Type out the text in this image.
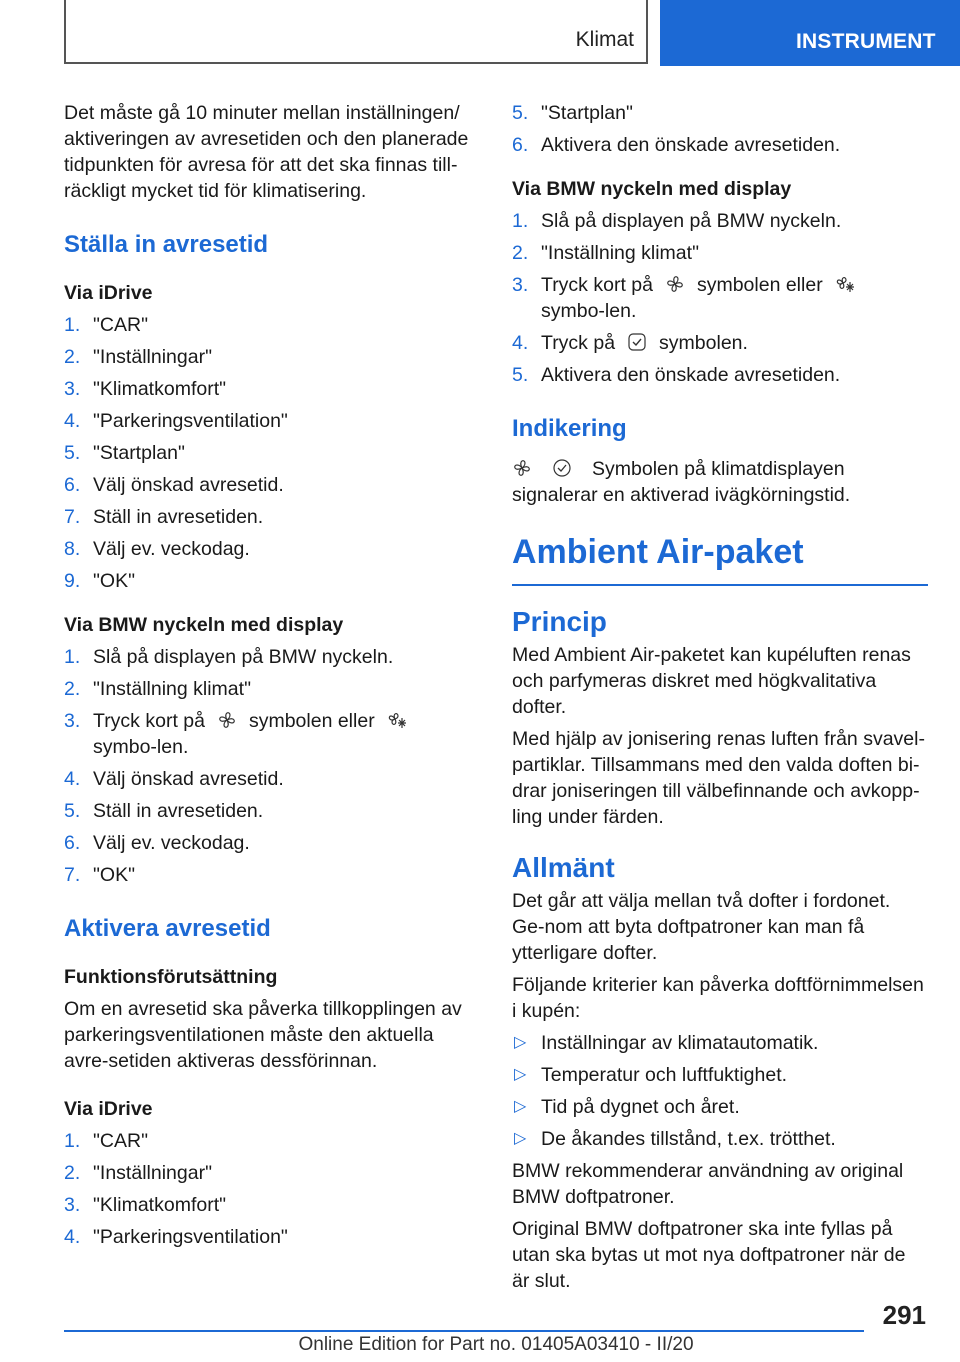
Klimat	INSTRUMENT

Det måste gå 10 minuter mellan inställningen/ aktiveringen av avresetiden och den planerade tidpunkten för avresa för att det ska finnas till-räckligt mycket tid för klimatisering.

Ställa in avresetid
Via iDrive
1. "CAR"
2. "Inställningar"
3. "Klimatkomfort"
4. "Parkeringsventilation"
5. "Startplan"
6. Välj önskad avresetid.
7. Ställ in avresetiden.
8. Välj ev. veckodag.
9. "OK"
Via BMW nyckeln med display
1. Slå på displayen på BMW nyckeln.
2. "Inställning klimat"
3. Tryck kort på symbolen ellersymbo-len.
4. Välj önskad avresetid.
5. Ställ in avresetiden.
6. Välj ev. veckodag.
7. "OK"
Aktivera avresetid
Funktionsförutsättning

Om en avresetid ska påverka tillkopplingen av parkeringsventilationen måste den aktuella avre-setiden aktiveras dessförinnan.

Via iDrive
1. "CAR"
2. "Inställningar"
3. "Klimatkomfort"
4. "Parkeringsventilation"
5. "Startplan"
6. Aktivera den önskade avresetiden.
Via BMW nyckeln med display
1. Slå på displayen på BMW nyckeln.
2. "Inställning klimat"
3. Tryck kort på symbolen ellersymbo-len.
4. Tryck på symbolen.
5. Aktivera den önskade avresetiden.
Indikering

Symbolen på klimatdisplayen signalerar en aktiverad ivägkörningstid.

Ambient Air-paket
Princip

Med Ambient Air-paketet kan kupéluften renas och parfymeras diskret med högkvalitativa dofter.

Med hjälp av jonisering renas luften från svavel-partiklar. Tillsammans med den valda doften bi-drar joniseringen till välbefinnande och avkopp-ling under färden.

Allmänt

Det går att välja mellan två dofter i fordonet. Ge-nom att byta doftpatroner kan man få ytterligare dofter.

Följande kriterier kan påverka doftförnimmelsen i kupén:

▷ Inställningar av klimatautomatik.
▷ Temperatur och luftfuktighet.
▷ Tid på dygnet och året.
▷ De åkandes tillstånd, t.ex. trötthet.

BMW rekommenderar användning av original BMW doftpatroner.

Original BMW doftpatroner ska inte fyllas på utan ska bytas ut mot nya doftpatroner när de är slut.

291
Online Edition for Part no. 01405A03410 - II/20
